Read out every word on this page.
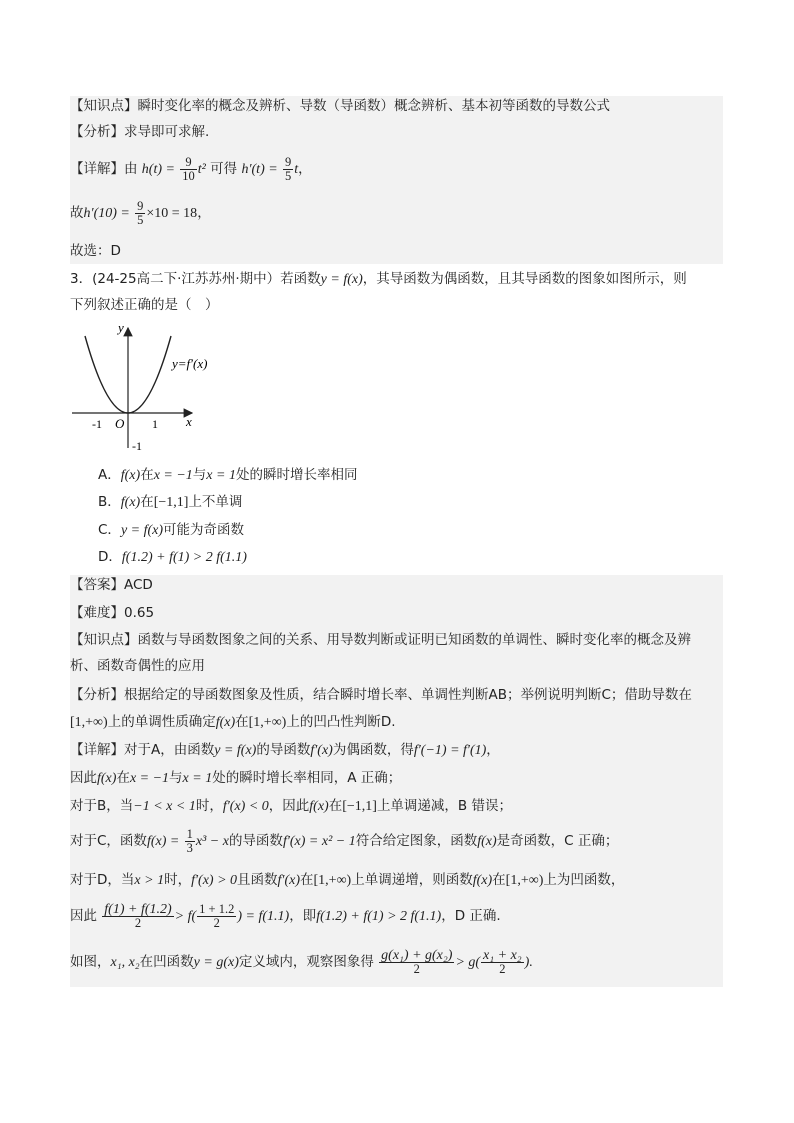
【知识点】瞬时变化率的概念及辨析、导数（导函数）概念辨析、基本初等函数的导数公式
【分析】求导即可求解.
【详解】由 $h(t) = \frac{9}{10} t^2$ 可得 $h'(t) = \frac{9}{5}$ t，
故$h'(10) = \frac{9}{5} \times 10 = 18$，
故选：D
3．(24-25高二下·江苏苏州·期中）若函数y = f(x)，其导函数为偶函数，且其导函数的图象如图所示，则
下列叙述正确的是（　）
y
x
O
y=f′(x)
-1	1
-1
A．f(x)在x = −1与x = 1处的瞬时增长率相同
B．f(x)在[−1,1]上不单调
C．y = f(x)可能为奇函数
D．f(1.2) + f(1) > 2 f(1.1)
【答案】ACD
【难度】0.65
【知识点】函数与导函数图象之间的关系、用导数判断或证明已知函数的单调性、瞬时变化率的概念及辨
析、函数奇偶性的应用
【分析】根据给定的导函数图象及性质，结合瞬时增长率、单调性判断AB；举例说明判断C；借助导数在
[1,+∞)上的单调性质确定f(x)在[1,+∞)上的凹凸性判断D.
【详解】对于A，由函数y = f(x)的导函数f′(x)为偶函数，得f′(−1) = f′(1)，
因此f(x)在x = −1与x = 1处的瞬时增长率相同，A 正确；
对于B，当−1 < x < 1时，f′(x) < 0，因此f(x)在[−1,1]上单调递减，B 错误；
对于C，函数$f(x) = \frac{1}{3} x^3 - x$的导函数f′(x) = x² − 1符合给定图象，函数f(x)是奇函数，C 正确；
对于D，当x > 1时，f′(x) > 0且函数f′(x)在[1,+∞)上单调递增，则函数f(x)在[1,+∞)上为凹函数，
因此 $\frac{f(1) + f(1.2)}{2} > f( \frac{1 + 1.2}{2}$ ) = f(1.1)，即f(1.2) + f(1) > 2 f(1.1)，D 正确.
如图，x₁, x₂在凹函数y = g(x)定义域内，观察图象得 $\frac{\text{g(x₁) + g(x₂)}}{2} > g( \frac{\text{x₁ + x₂}}{2}$ ).
